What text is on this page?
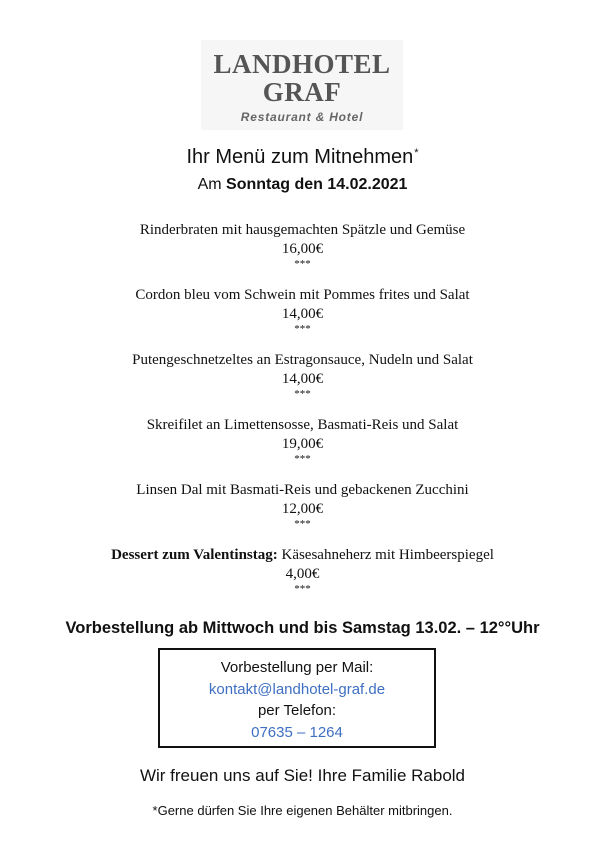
LANDHOTEL
GRAF
Restaurant & Hotel
Ihr Menü zum Mitnehmen*
Am Sonntag den 14.02.2021
Rinderbraten mit hausgemachten Spätzle und Gemüse
16,00€
***
Cordon bleu vom Schwein mit Pommes frites und Salat
14,00€
***
Putengeschnetzeltes an Estragonsauce, Nudeln und Salat
14,00€
***
Skreifilet an Limettensosse, Basmati-Reis und Salat
19,00€
***
Linsen Dal mit Basmati-Reis und gebackenen Zucchini
12,00€
***
Dessert zum Valentinstag: Käsesahneherz mit Himbeerspiegel
4,00€
***
Vorbestellung ab Mittwoch und bis Samstag 13.02. – 12°°Uhr
Vorbestellung per Mail:
kontakt@landhotel-graf.de
per Telefon:
07635 – 1264
Wir freuen uns auf Sie! Ihre Familie Rabold
*Gerne dürfen Sie Ihre eigenen Behälter mitbringen.
